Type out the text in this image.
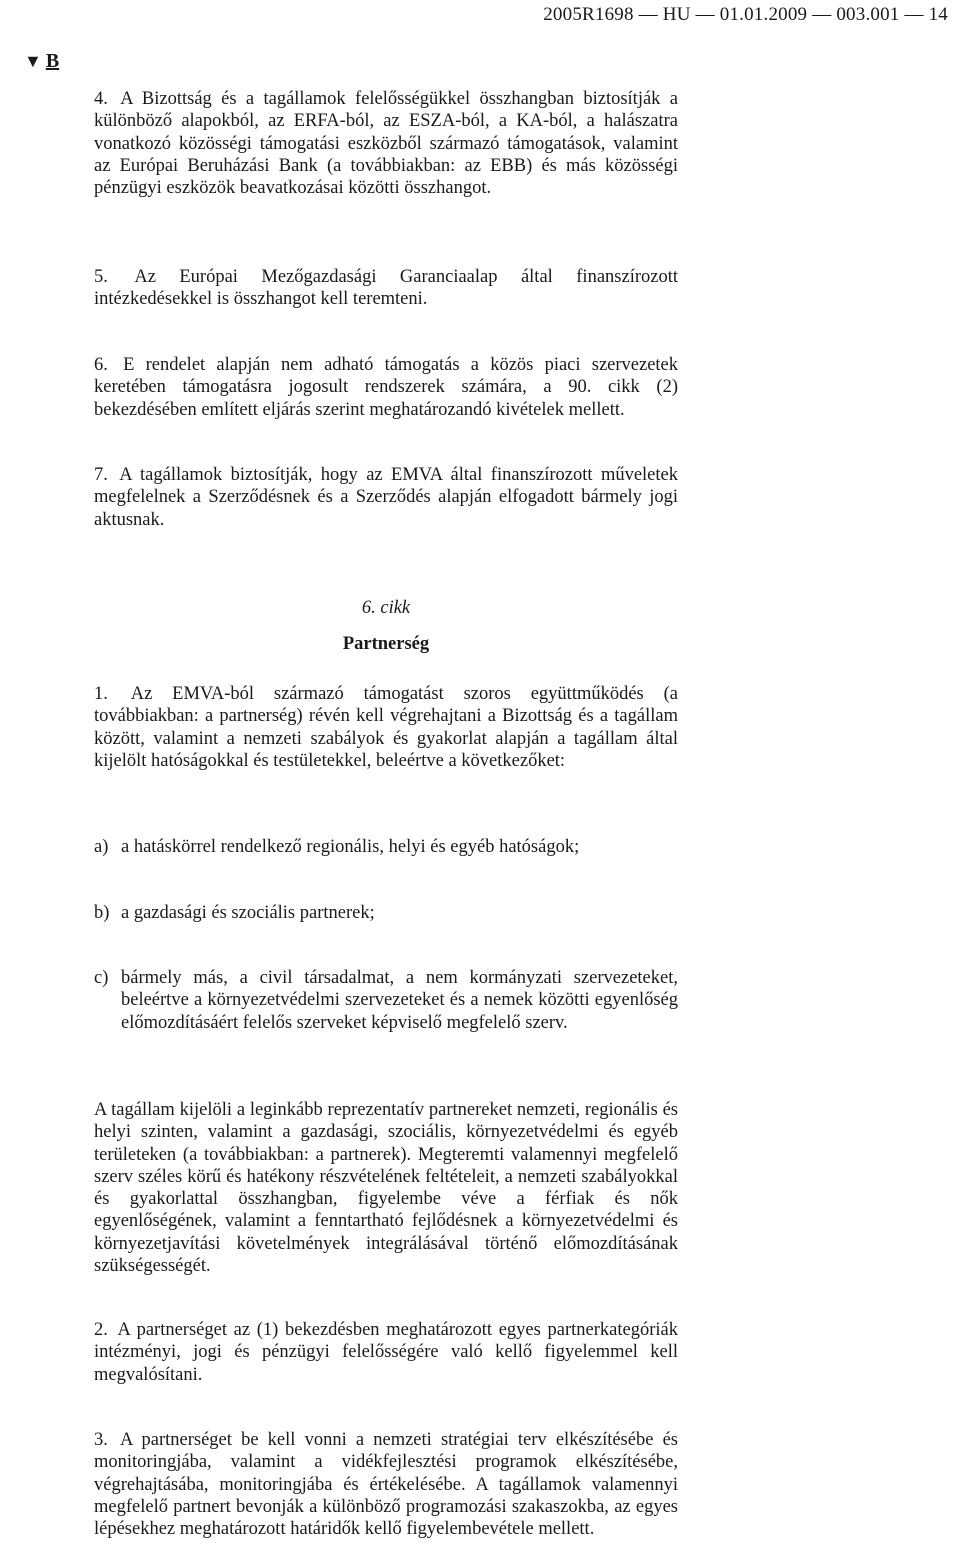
2005R1698 — HU — 01.01.2009 — 003.001 — 14
▼ B

4. A Bizottság és a tagállamok felelősségükkel összhangban biztosítják a különböző alapokból, az ERFA-ból, az ESZA-ból, a KA-ból, a halászatra vonatkozó közösségi támogatási eszközből származó támogatások, valamint az Európai Beruházási Bank (a továbbiakban: az EBB) és más közösségi pénzügyi eszközök beavatkozásai közötti összhangot.

5. Az Európai Mezőgazdasági Garanciaalap által finanszírozott intézkedésekkel is összhangot kell teremteni.

6. E rendelet alapján nem adható támogatás a közös piaci szervezetek keretében támogatásra jogosult rendszerek számára, a 90. cikk (2) bekezdésében említett eljárás szerint meghatározandó kivételek mellett.

7. A tagállamok biztosítják, hogy az EMVA által finanszírozott műveletek megfelelnek a Szerződésnek és a Szerződés alapján elfogadott bármely jogi aktusnak.

6. cikk
Partnerség

1. Az EMVA-ból származó támogatást szoros együttműködés (a továbbiakban: a partnerség) révén kell végrehajtani a Bizottság és a tagállam között, valamint a nemzeti szabályok és gyakorlat alapján a tagállam által kijelölt hatóságokkal és testületekkel, beleértve a következőket:

a) a hatáskörrel rendelkező regionális, helyi és egyéb hatóságok;
b) a gazdasági és szociális partnerek;
c) bármely más, a civil társadalmat, a nem kormányzati szervezeteket, beleértve a környezetvédelmi szervezeteket és a nemek közötti egyenlőség előmozdításáért felelős szerveket képviselő megfelelő szerv.

A tagállam kijelöli a leginkább reprezentatív partnereket nemzeti, regionális és helyi szinten, valamint a gazdasági, szociális, környezetvédelmi és egyéb területeken (a továbbiakban: a partnerek). Megteremti valamennyi megfelelő szerv széles körű és hatékony részvételének feltételeit, a nemzeti szabályokkal és gyakorlattal összhangban, figyelembe véve a férfiak és nők egyenlőségének, valamint a fenntartható fejlődésnek a környezetvédelmi és környezetjavítási követelmények integrálásával történő előmozdításának szükségességét.

2. A partnerséget az (1) bekezdésben meghatározott egyes partnerkategóriák intézményi, jogi és pénzügyi felelősségére való kellő figyelemmel kell megvalósítani.

3. A partnerséget be kell vonni a nemzeti stratégiai terv elkészítésébe és monitoringjába, valamint a vidékfejlesztési programok elkészítésébe, végrehajtásába, monitoringjába és értékelésébe. A tagállamok valamennyi megfelelő partnert bevonják a különböző programozási szakaszokba, az egyes lépésekhez meghatározott határidők kellő figyelembevétele mellett.
